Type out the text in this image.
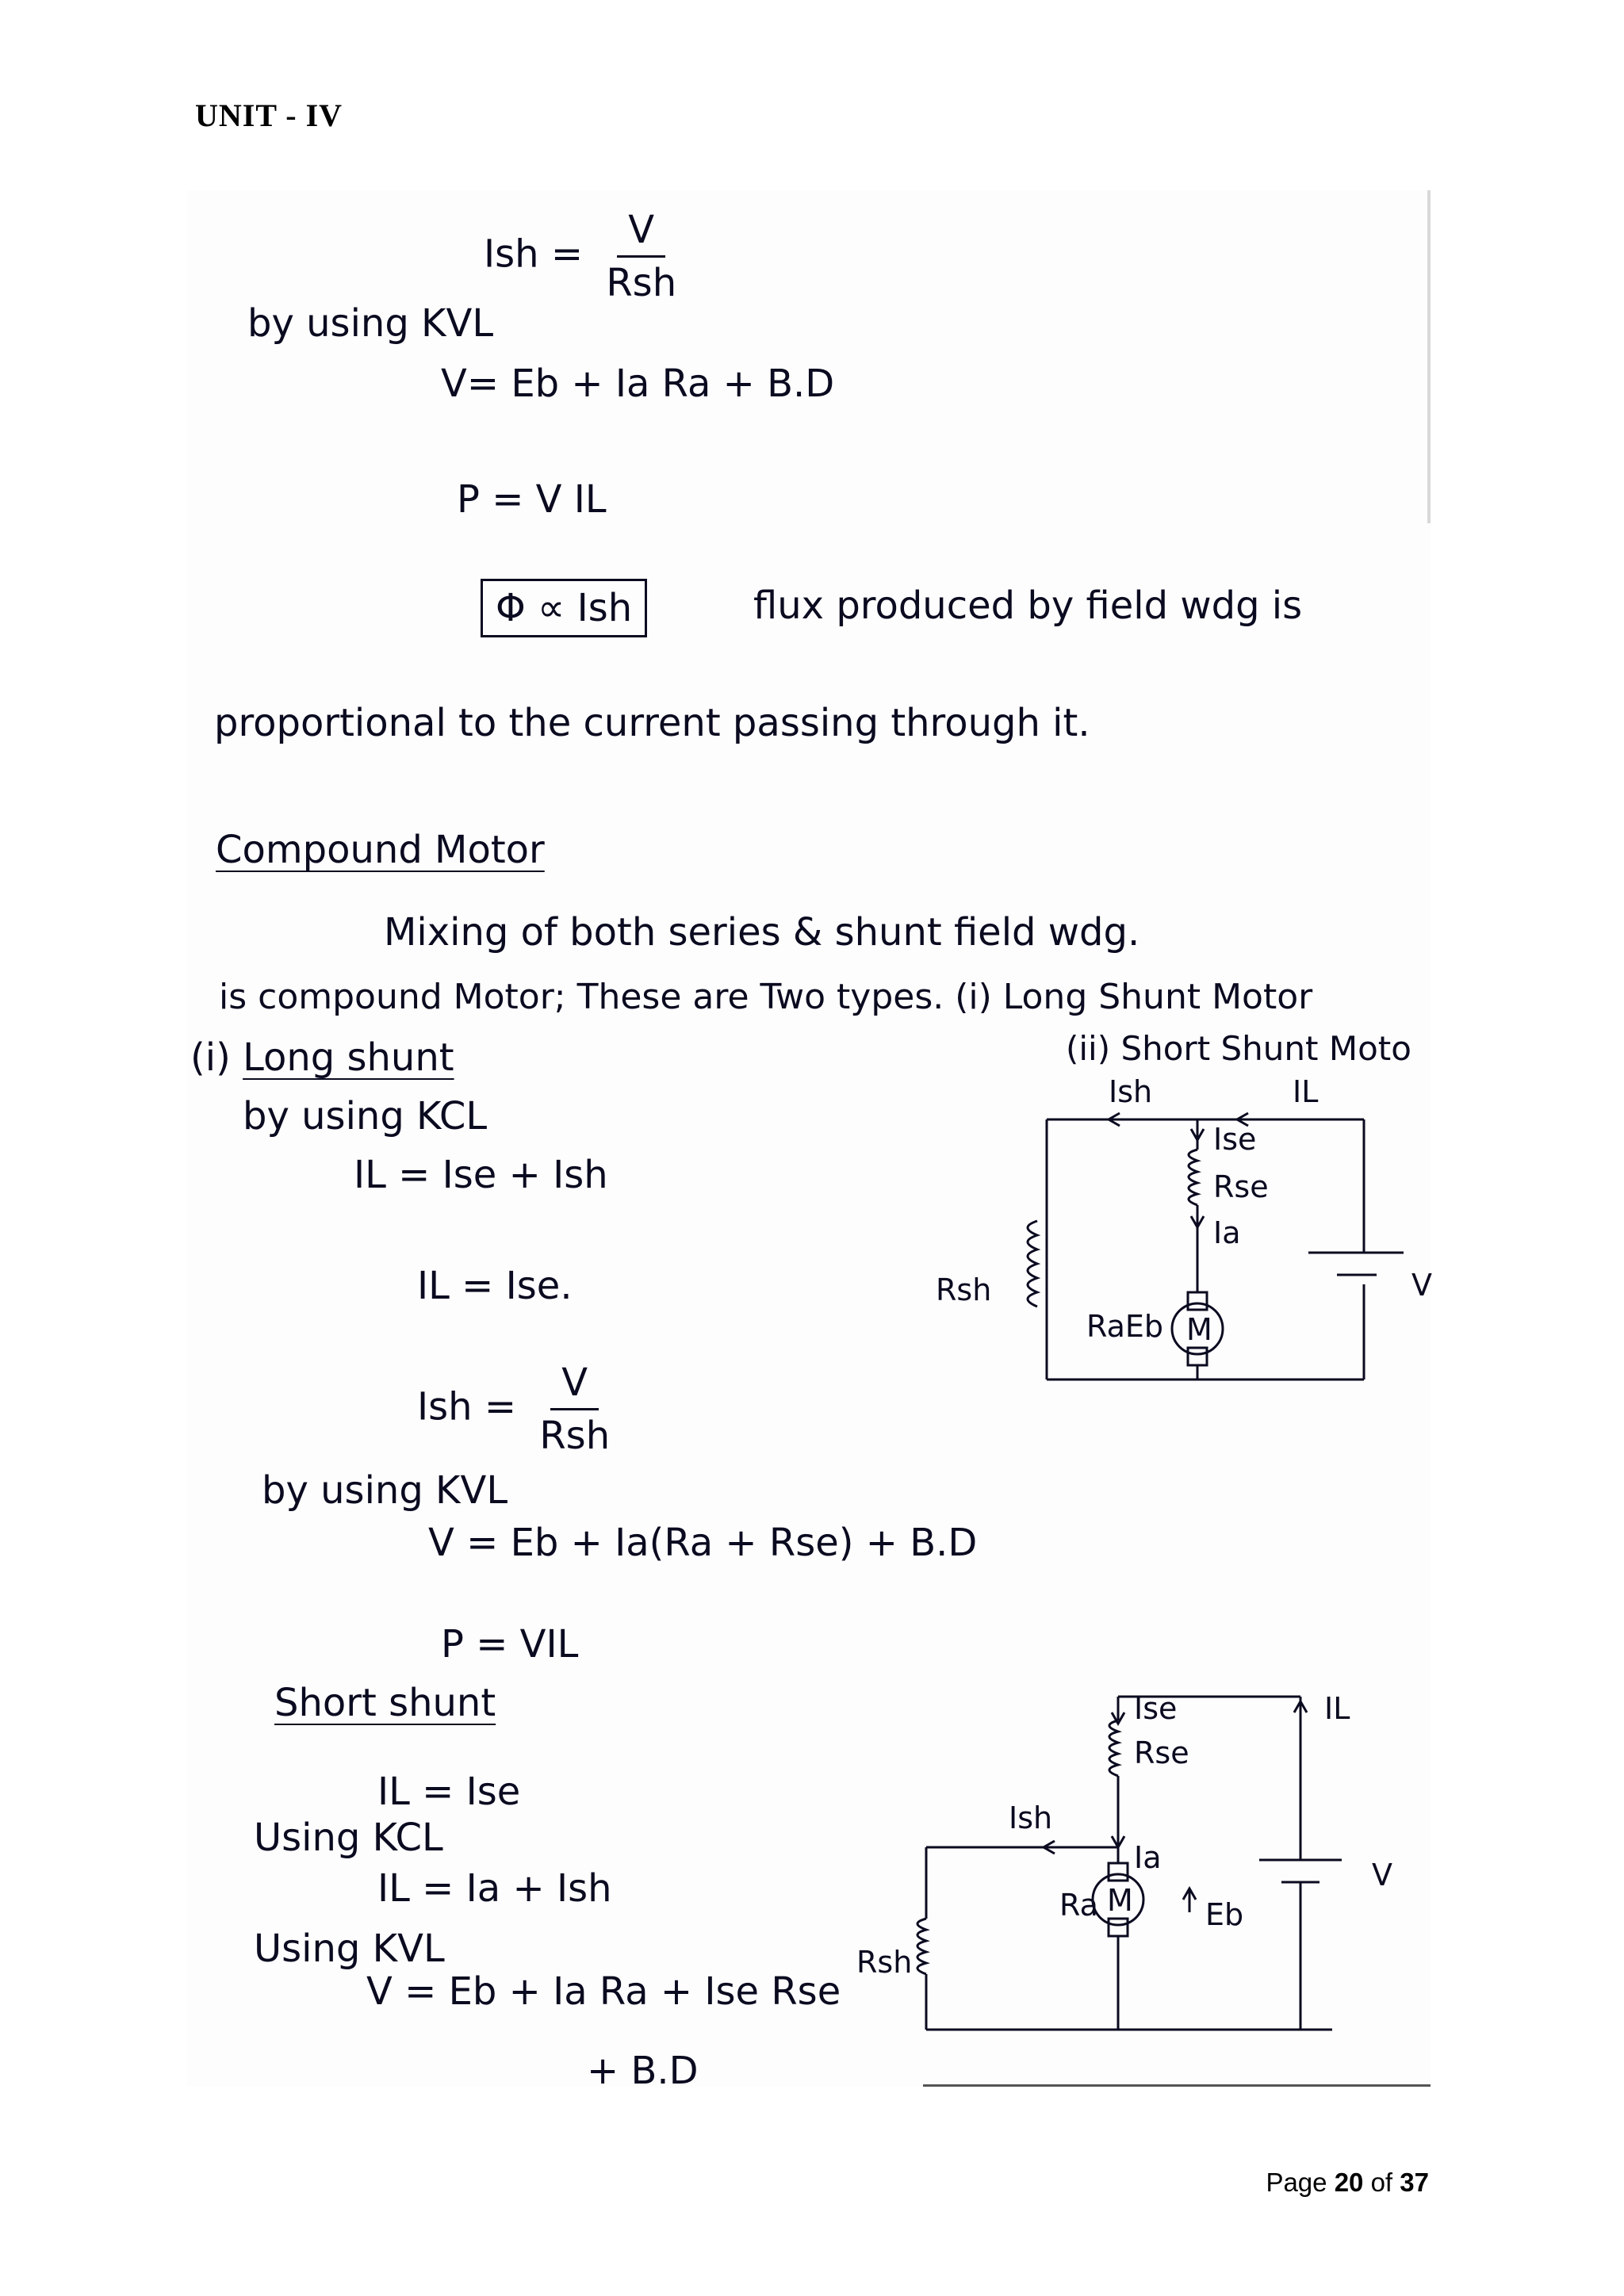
UNIT - IV
Ish = $\frac{V}{\text{Rsh}}$
by using KVL
V= Eb + Ia Ra + B.D
P = V IL
Φ ∝ Ish	flux produced by field wdg is
proportional to the current passing through it.
Compound Motor
Mixing of both series & shunt field wdg.
is compound Motor; These are Two types. (i) Long Shunt Motor
(ii) Short Shunt Moto
(i) Long shunt
by using KCL
IL = Ise + Ish
IL = Ise.
Ish = $\frac{V}{\text{Rsh}}$
by using KVL
V = Eb + Ia(Ra + Rse) + B.D
P = VIL
Short shunt
IL = Ise
Using KCL
IL = Ia + Ish
Using KVL
V = Eb + Ia Ra + Ise Rse
+ B.D
Ish	IL
Ise
Rse
Ia
Rsh
RaEb M
V
Ise	IL
Rse
Ish
Ia	V
Ra M Eb
Rsh
Page 20 of 37
